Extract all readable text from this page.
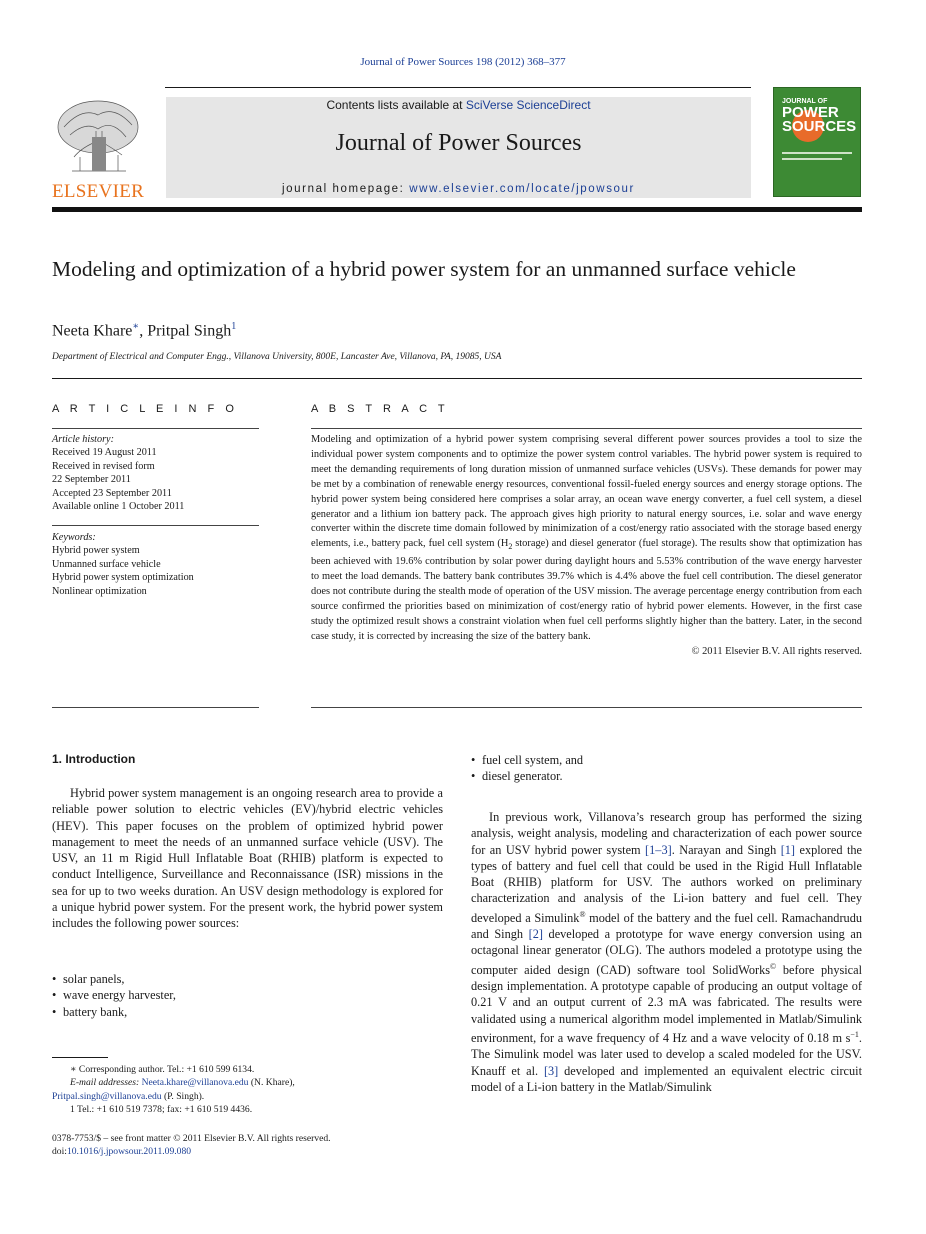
Journal of Power Sources 198 (2012) 368–377
ELSEVIER
Contents lists available at SciVerse ScienceDirect
Journal of Power Sources
journal homepage: www.elsevier.com/locate/jpowsour
JOURNAL OF
POWER
SOURCES
Modeling and optimization of a hybrid power system for an unmanned surface vehicle
Neeta Khare∗, Pritpal Singh$^1$
Department of Electrical and Computer Engg., Villanova University, 800E, Lancaster Ave, Villanova, PA, 19085, USA
A R T I C L E I N F O	A B S T R A C T
Article history:
Received 19 August 2011
Received in revised form
22 September 2011
Accepted 23 September 2011
Available online 1 October 2011
Keywords:
Hybrid power system
Unmanned surface vehicle
Hybrid power system optimization
Nonlinear optimization
Modeling and optimization of a hybrid power system comprising several different power sources provides a tool to size the individual power system components and to optimize the power system control variables. The hybrid power system is required to meet the demanding requirements of long duration mission of unmanned surface vehicles (USVs). These demands for power may be met by a combination of renewable energy resources, conventional fossil-fueled energy sources and energy storage options. The hybrid power system being considered here comprises a solar array, an ocean wave energy converter, a fuel cell system, a diesel generator and a lithium ion battery pack. The approach gives high priority to natural energy sources, i.e. solar and wave energy converter within the discrete time domain followed by minimization of a cost/energy ratio associated with the storage based energy elements, i.e., battery pack, fuel cell system ($H_2$ storage) and diesel generator (fuel storage). The results show that optimization has been achieved with 19.6% contribution by solar power during daylight hours and 5.53% contribution of the wave energy harvester to meet the load demands. The battery bank contributes 39.7% which is 4.4% above the fuel cell contribution. The diesel generator does not contribute during the stealth mode of operation of the USV mission. The average percentage energy contribution from each source confirmed the priorities based on minimization of cost/energy ratio of hybrid power elements. However, in the first case study the optimized result shows a constraint violation when fuel cell performs slightly higher than the battery. Later, in the second case study, it is corrected by increasing the size of the battery bank.
© 2011 Elsevier B.V. All rights reserved.
1. Introduction
Hybrid power system management is an ongoing research area to provide a reliable power solution to electric vehicles (EV)/hybrid electric vehicles (HEV). This paper focuses on the problem of optimized hybrid power management to meet the needs of an unmanned surface vehicle (USV). The USV, an 11 m Rigid Hull Inflatable Boat (RHIB) platform is expected to conduct Intelligence, Surveillance and Reconnaissance (ISR) missions in the sea for up to two weeks duration. An USV design methodology is explored for a unique hybrid power system. For the present work, the hybrid power system includes the following power sources:
• solar panels,
• wave energy harvester,
• battery bank,
• fuel cell system, and
• diesel generator.
In previous work, Villanova’s research group has performed the sizing analysis, weight analysis, modeling and characterization of each power source for an USV hybrid power system [1–3]. Narayan and Singh [1] explored the types of battery and fuel cell that could be used in the Rigid Hull Inflatable Boat (RHIB) platform for USV. The authors worked on preliminary characterization and analysis of the Li-ion battery and fuel cell. They developed a Simulink® model of the battery and the fuel cell. Ramachandrudu and Singh [2] developed a prototype for wave energy conversion using an octagonal linear generator (OLG). The authors modeled a prototype using the computer aided design (CAD) software tool SolidWorks© before physical design implementation. A prototype capable of producing an output voltage of 0.21 V and an output current of 2.3 mA was fabricated. The results were validated using a numerical algorithm model implemented in Matlab/Simulink environment, for a wave frequency of 4 Hz and a wave velocity of 0.18 m $s^{-1}$. The Simulink model was later used to develop a scaled modeled for the USV. Knauff et al. [3] developed and implemented an equivalent electric circuit model of a Li-ion battery in the Matlab/Simulink
∗ Corresponding author. Tel.: +1 610 599 6134.
E-mail addresses: Neeta.khare@villanova.edu (N. Khare),
Pritpal.singh@villanova.edu (P. Singh).
1 Tel.: +1 610 519 7378; fax: +1 610 519 4436.
0378-7753/$ – see front matter © 2011 Elsevier B.V. All rights reserved.
doi:10.1016/j.jpowsour.2011.09.080
